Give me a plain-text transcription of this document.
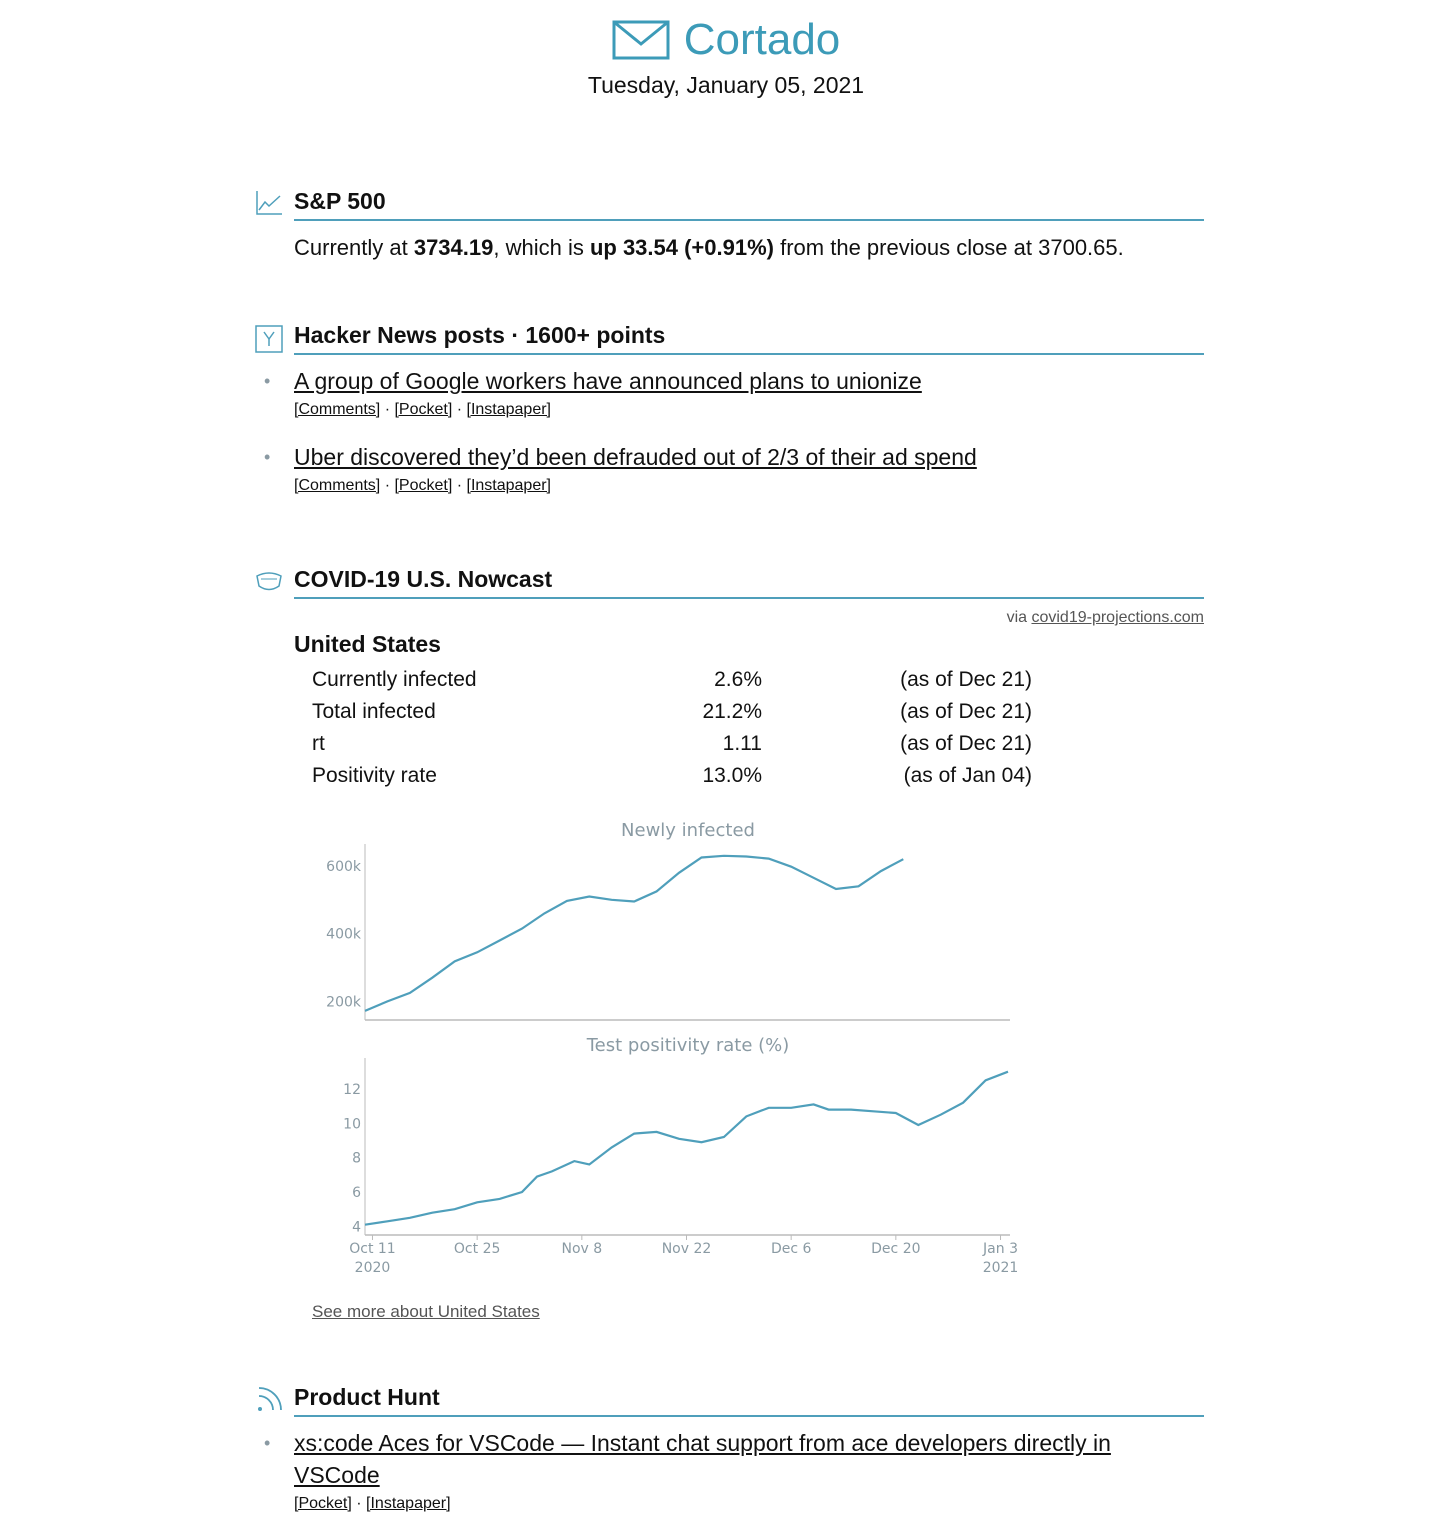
Cortado
Tuesday, January 05, 2021
S&P 500
Currently at 3734.19, which is up 33.54 (+0.91%) from the previous close at 3700.65.
Hacker News posts · 1600+ points
• A group of Google workers have announced plans to unionize
[Comments] · [Pocket] · [Instapaper]
• Uber discovered they’d been defrauded out of 2/3 of their ad spend
[Comments] · [Pocket] · [Instapaper]
COVID-19 U.S. Nowcast
via covid19-projections.com
United States
Currently infected	2.6%	(as of Dec 21)
Total infected	21.2%	(as of Dec 21)
rt	1.11	(as of Dec 21)
Positivity rate	13.0%	(as of Jan 04)
Newly infected
200k
400k
600k
Test positivity rate (%)
4
6
8
10
12
Oct 11
2020
Oct 25	Nov 8	Nov 22	Dec 6	Dec 20	Jan 3
2021
See more about United States
Product Hunt
• xs:code Aces for VSCode — Instant chat support from ace developers directly in VSCode
[Pocket] · [Instapaper]
